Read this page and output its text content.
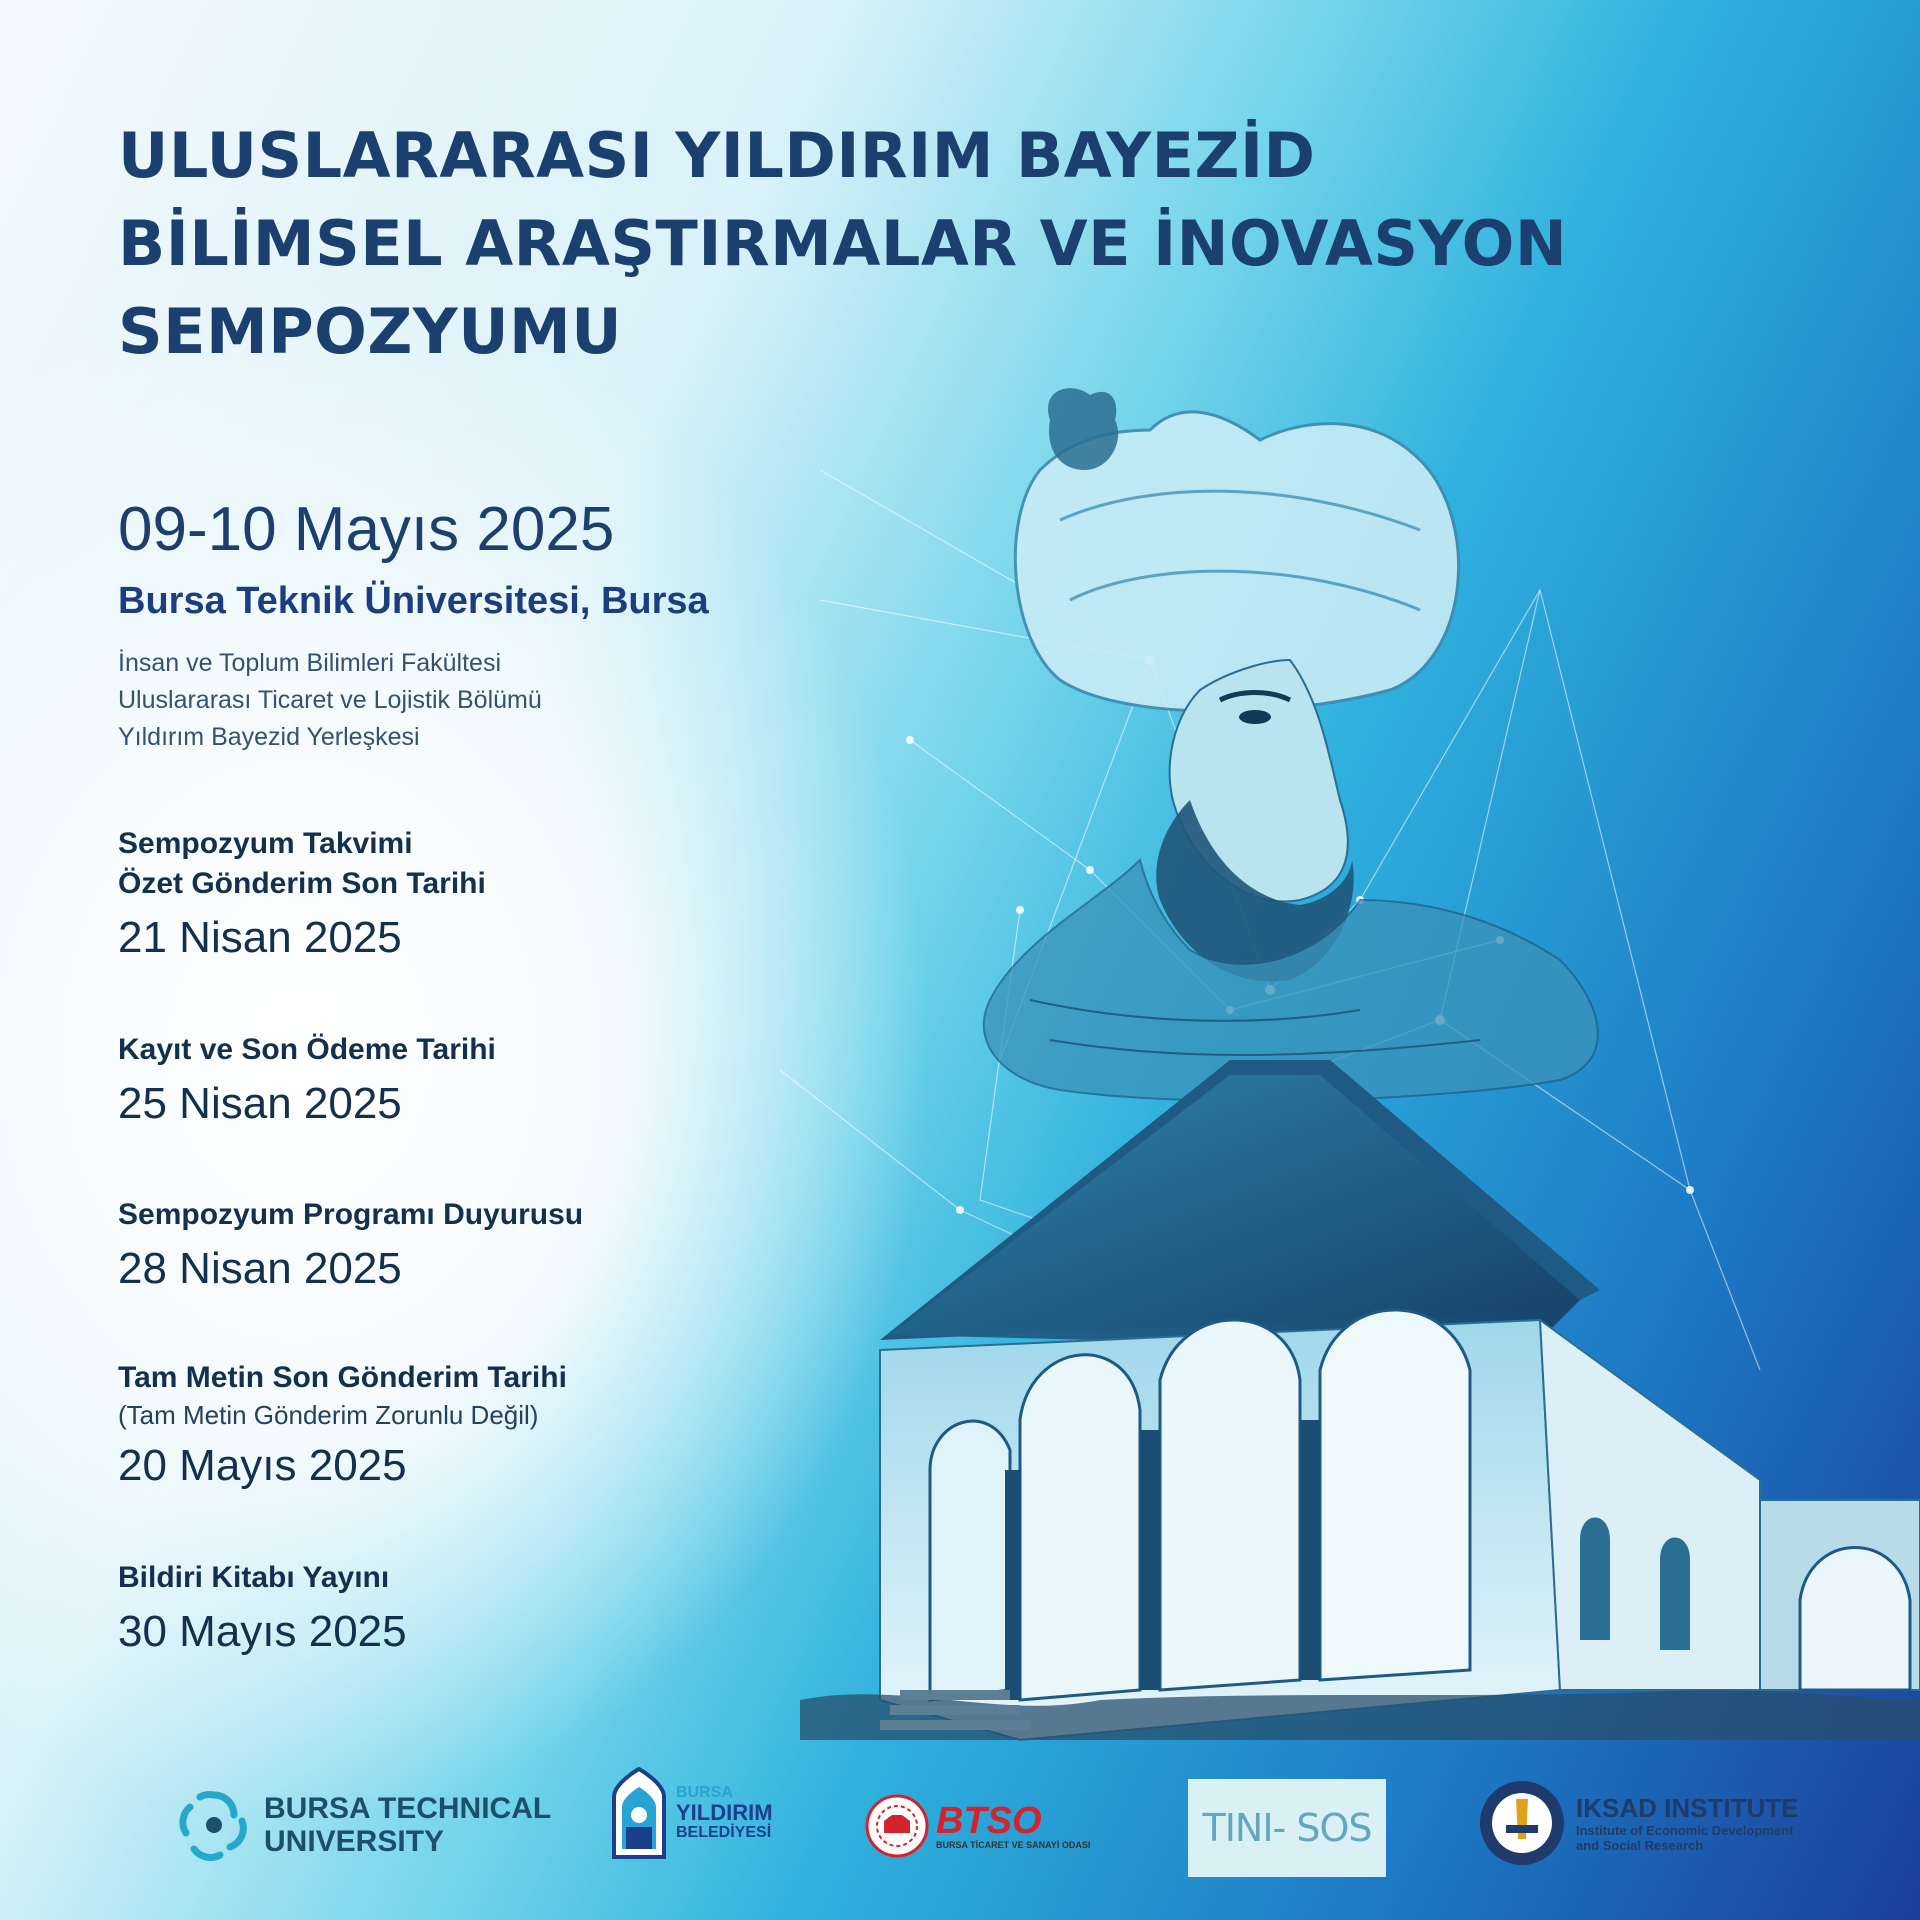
ULUSLARARASI YILDIRIM BAYEZİD
BİLİMSEL ARAŞTIRMALAR VE İNOVASYON
SEMPOZYUMU
09-10 Mayıs 2025
Bursa Teknik Üniversitesi, Bursa
İnsan ve Toplum Bilimleri Fakültesi
Uluslararası Ticaret ve Lojistik Bölümü
Yıldırım Bayezid Yerleşkesi
Sempozyum Takvimi
Özet Gönderim Son Tarihi
21 Nisan 2025
Kayıt ve Son Ödeme Tarihi
25 Nisan 2025
Sempozyum Programı Duyurusu
28 Nisan 2025
Tam Metin Son Gönderim Tarihi
(Tam Metin Gönderim Zorunlu Değil)
20 Mayıs 2025
Bildiri Kitabı Yayını
30 Mayıs 2025
BURSA TECHNICAL
UNIVERSITY
BURSA
YILDIRIM
BELEDİYESİ	BTSO
BURSA TİCARET VE SANAYİ ODASI	TINI- SOS	IKSAD INSTITUTE
Institute of Economic Development
and Social Research
